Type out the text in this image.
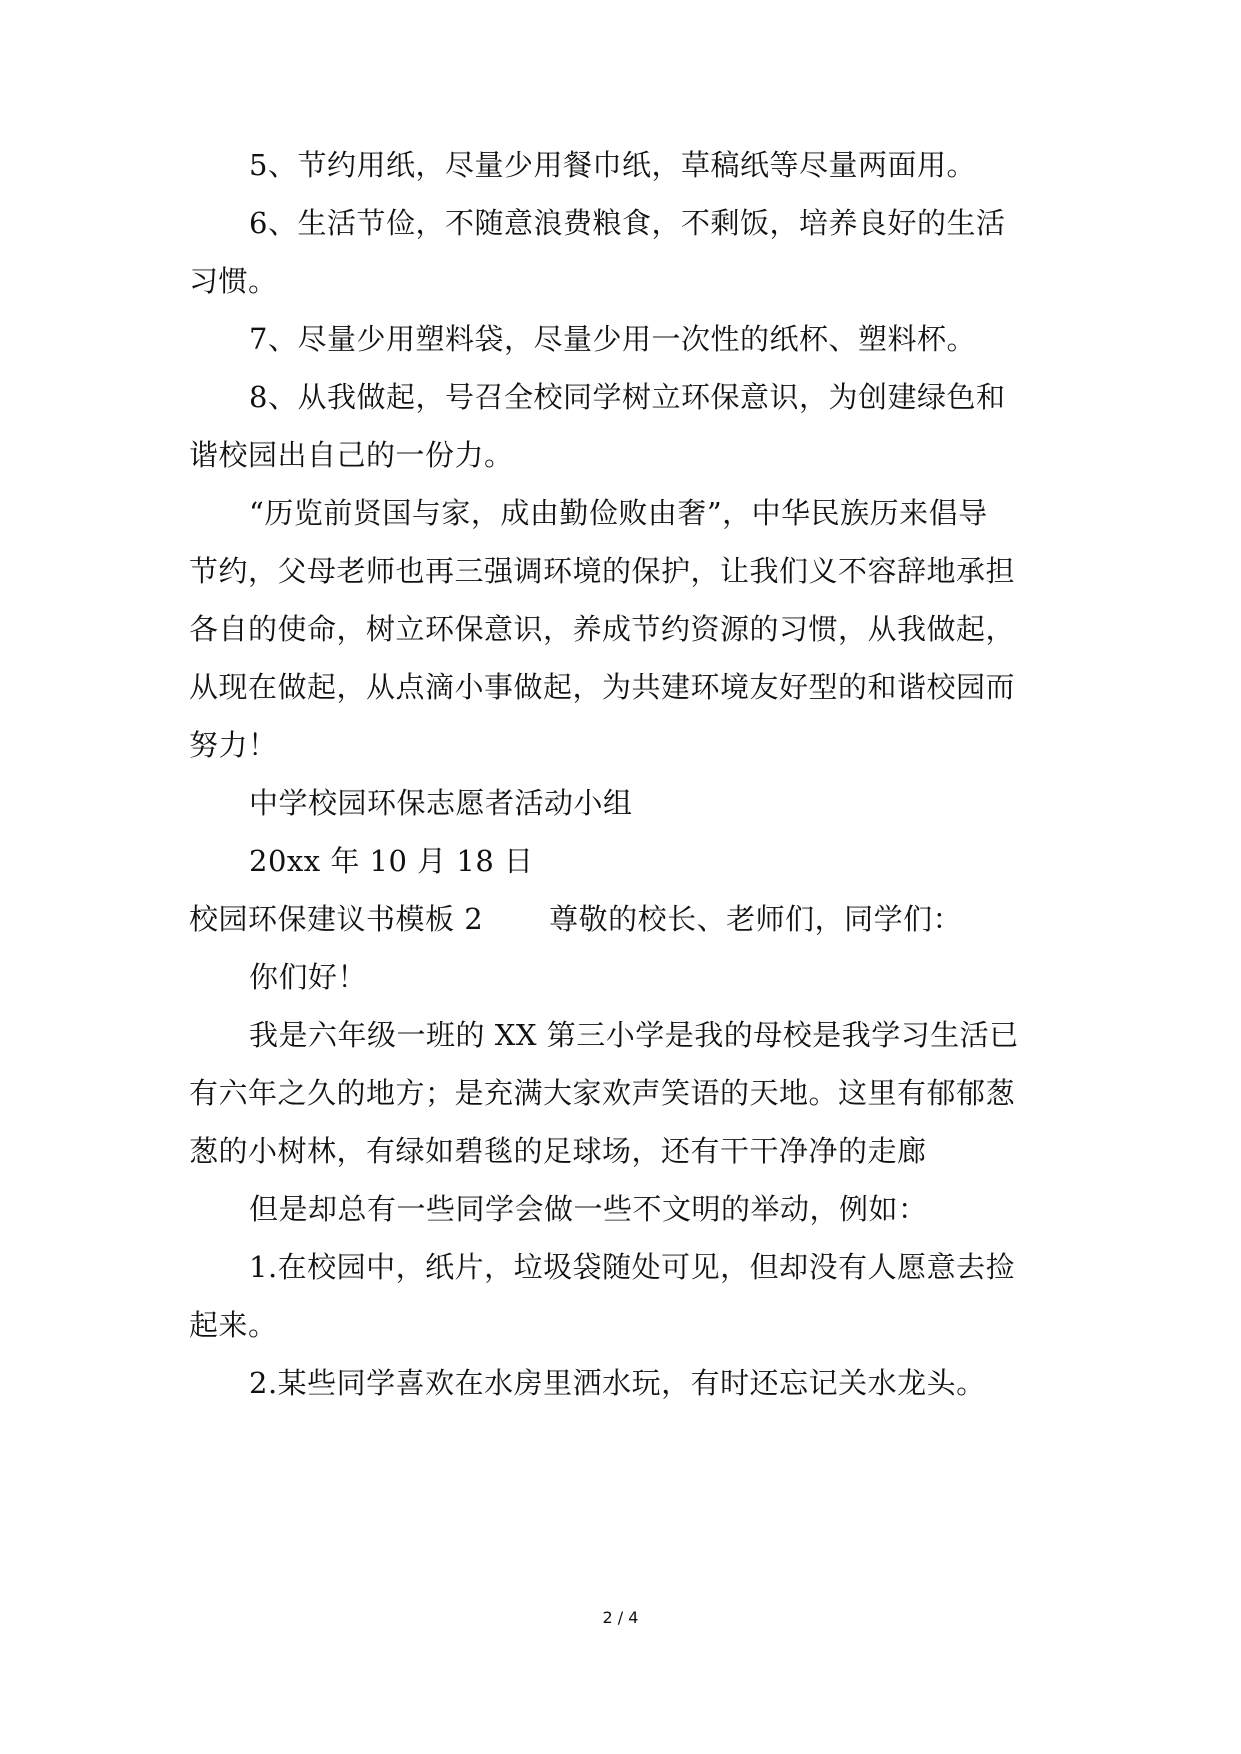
5、节约用纸，尽量少用餐巾纸，草稿纸等尽量两面用。
6、生活节俭，不随意浪费粮食，不剩饭，培养良好的生活
习惯。
7、尽量少用塑料袋，尽量少用一次性的纸杯、塑料杯。
8、从我做起，号召全校同学树立环保意识，为创建绿色和
谐校园出自己的一份力。
“历览前贤国与家，成由勤俭败由奢”，中华民族历来倡导
节约，父母老师也再三强调环境的保护，让我们义不容辞地承担
各自的使命，树立环保意识，养成节约资源的习惯，从我做起，
从现在做起，从点滴小事做起，为共建环境友好型的和谐校园而
努力！
中学校园环保志愿者活动小组
20xx 年 10 月 18 日
校园环保建议书模板 2 尊敬的校长、老师们，同学们：
你们好！
我是六年级一班的 XX 第三小学是我的母校是我学习生活已
有六年之久的地方；是充满大家欢声笑语的天地。这里有郁郁葱
葱的小树林，有绿如碧毯的足球场，还有干干净净的走廊
但是却总有一些同学会做一些不文明的举动，例如：
1.在校园中，纸片，垃圾袋随处可见，但却没有人愿意去捡
起来。
2.某些同学喜欢在水房里洒水玩，有时还忘记关水龙头。
2 / 4
